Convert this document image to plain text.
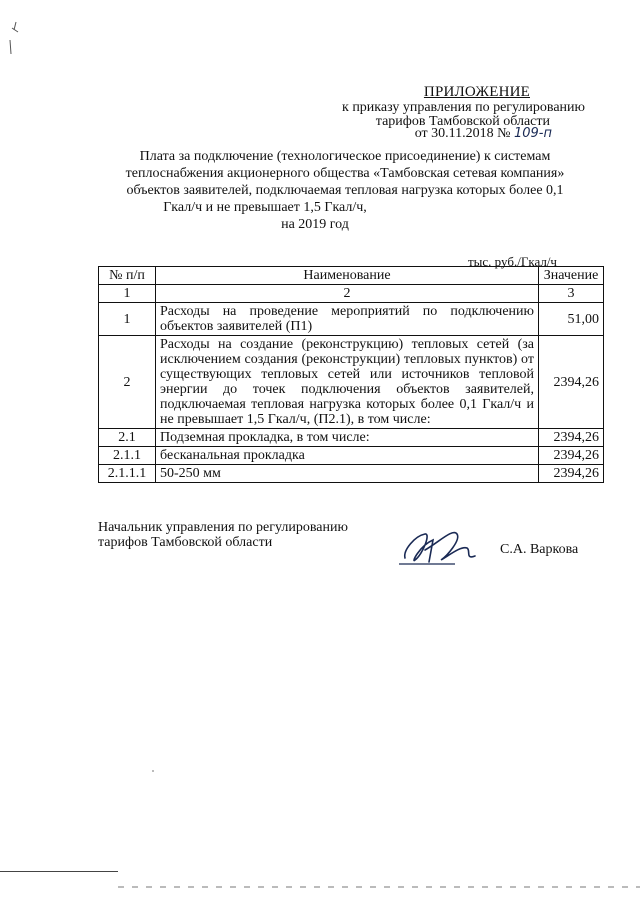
ПРИЛОЖЕНИЕ
к приказу управления по регулированию
тарифов Тамбовской области
от 30.11.2018 № 109-п
Плата за подключение (технологическое присоединение) к системам
теплоснабжения акционерного общества «Тамбовская сетевая компания»
объектов заявителей, подключаемая тепловая нагрузка которых более 0,1
Гкал/ч и не превышает 1,5 Гкал/ч,
на 2019 год
тыс. руб./Гкал/ч
№ п/п	Наименование	Значение
1	2	3
1	Расходы на проведение мероприятий по подключению объектов заявителей (П1)	51,00
2	Расходы на создание (реконструкцию) тепловых сетей (за исключением создания (реконструкции) тепловых пунктов) от существующих тепловых сетей или источников тепловой энергии до точек подключения объектов заявителей, подключаемая тепловая нагрузка которых более 0,1 Гкал/ч и не превышает 1,5 Гкал/ч, (П2.1), в том числе:	2394,26
2.1	Подземная прокладка, в том числе:	2394,26
2.1.1	бесканальная прокладка	2394,26
2.1.1.1	50-250 мм	2394,26
Начальник управления по регулированию
тарифов Тамбовской области	С.А. Варкова
